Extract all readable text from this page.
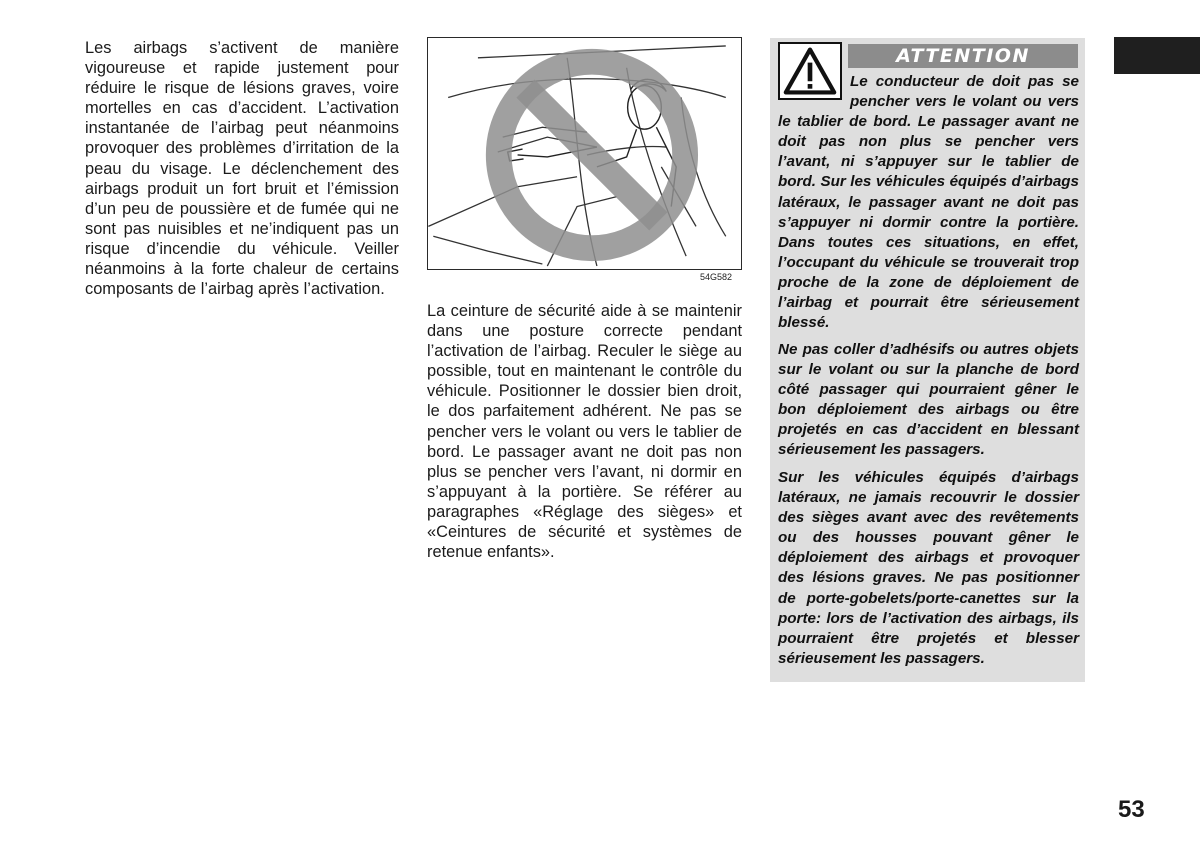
Les airbags s’activent de manière vigoureuse et rapide justement pour réduire le risque de lésions graves, voire mortelles en cas d’accident. L’activation instantanée de l’airbag peut néanmoins provoquer des problèmes d’irritation de la peau du visage. Le déclenchement des airbags produit un fort bruit et l’émission d’un peu de poussière et de fumée qui ne sont pas nuisibles et ne’indiquent pas un risque d’incendie du véhicule. Veiller néanmoins à la forte chaleur de certains composants de l’airbag après l’activation.

54G582

La ceinture de sécurité aide à se maintenir dans une posture correcte pendant l’activation de l’airbag. Reculer le siège au possible, tout en maintenant le contrôle du véhicule. Positionner le dossier bien droit, le dos parfaitement adhérent. Ne pas se pencher vers le volant ou vers le tablier de bord. Le passager avant ne doit pas non plus se pencher vers l’avant, ni dormir en s’appuyant à la portière. Se référer au paragraphes «Réglage des sièges» et «Ceintures de sécurité et systèmes de retenue enfants».

ATTENTION

Le conducteur de doit pas se pencher vers le volant ou vers le tablier de bord. Le passager avant ne doit pas non plus se pencher vers l’avant, ni s’appuyer sur le tablier de bord. Sur les véhicules équipés d’airbags latéraux, le passager avant ne doit pas s’appuyer ni dormir contre la portière. Dans toutes ces situations, en effet, l’occupant du véhicule se trouverait trop proche de la zone de déploiement de l’airbag et pourrait être sérieusement blessé.

Ne pas coller d’adhésifs ou autres objets sur le volant ou sur la planche de bord côté passager qui pourraient gêner le bon déploiement des airbags ou être projetés en cas d’accident en blessant sérieusement les passagers.

Sur les véhicules équipés d’airbags latéraux, ne jamais recouvrir le dossier des sièges avant avec des revêtements ou des housses pouvant gêner le déploiement des airbags et provoquer des lésions graves. Ne pas positionner de porte-gobelets/porte-canettes sur la porte: lors de l’activation des airbags, ils pourraient être projetés et blesser sérieusement les passagers.

53
